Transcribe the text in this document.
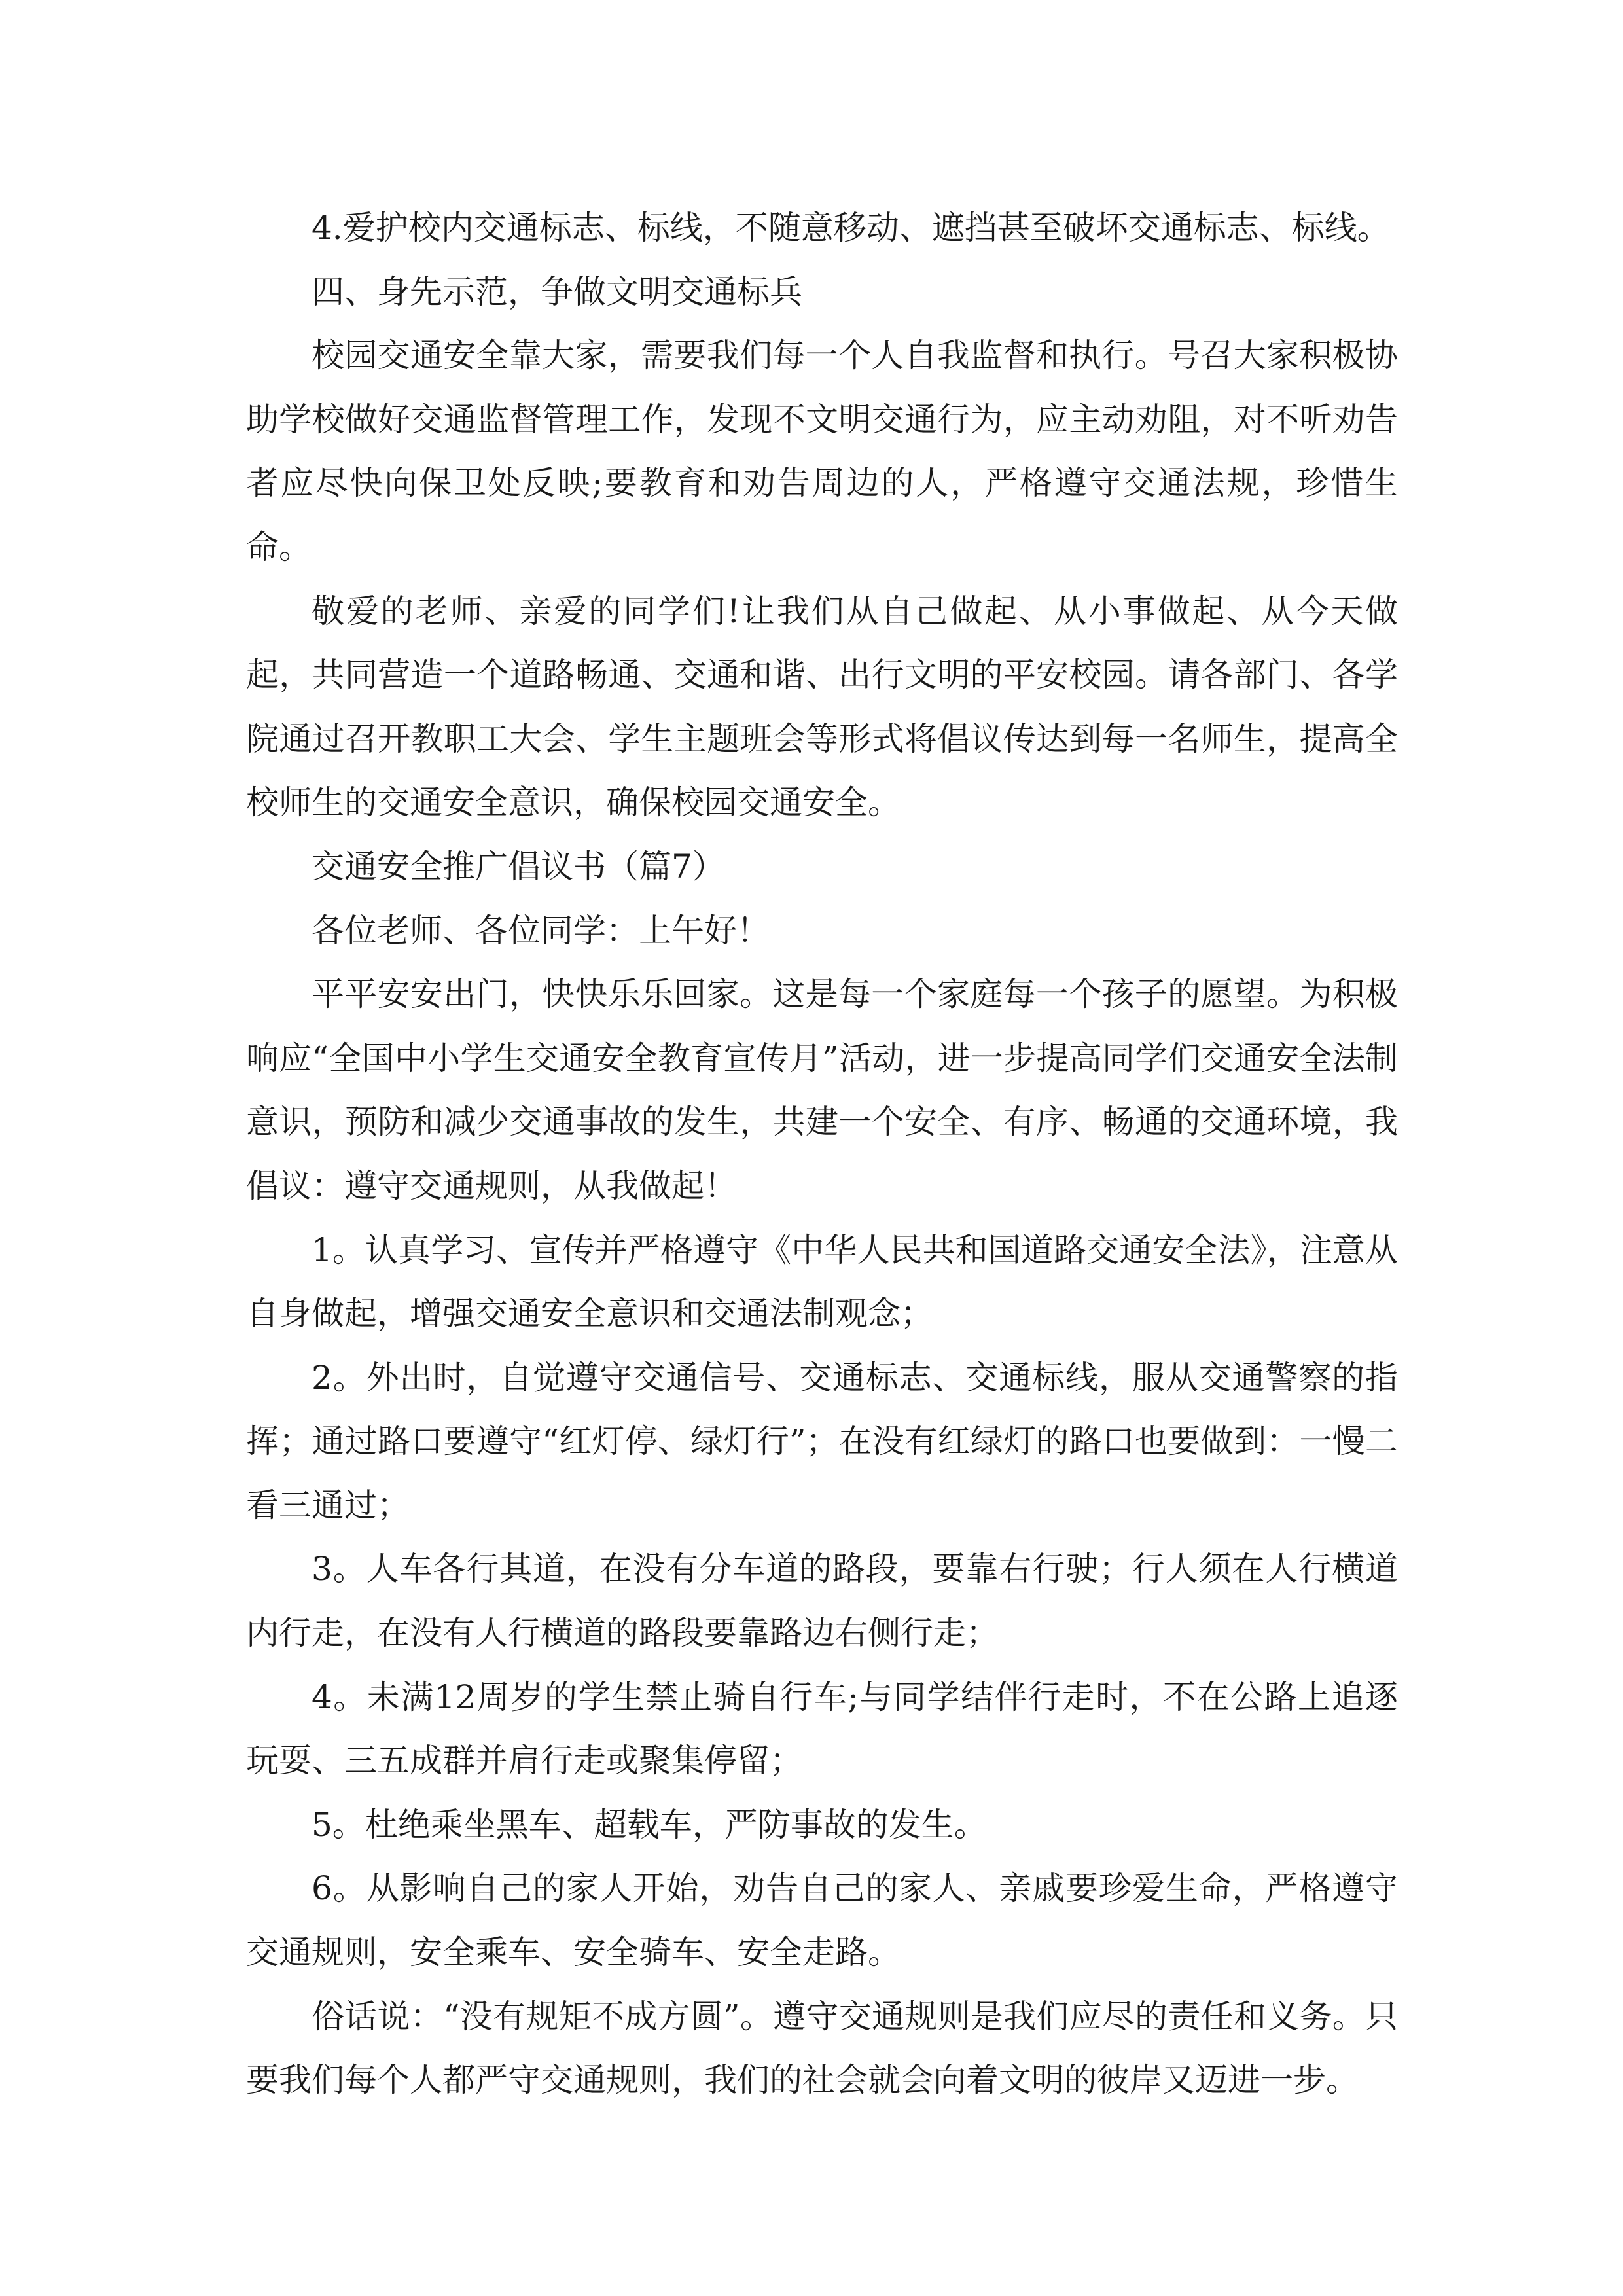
4.爱护校内交通标志、标线，不随意移动、遮挡甚至破坏交通标志、标线。

四、身先示范，争做文明交通标兵

校园交通安全靠大家，需要我们每一个人自我监督和执行。号召大家积极协助学校做好交通监督管理工作，发现不文明交通行为，应主动劝阻，对不听劝告者应尽快向保卫处反映;要教育和劝告周边的人，严格遵守交通法规，珍惜生命。

敬爱的老师、亲爱的同学们!让我们从自己做起、从小事做起、从今天做起，共同营造一个道路畅通、交通和谐、出行文明的平安校园。请各部门、各学院通过召开教职工大会、学生主题班会等形式将倡议传达到每一名师生，提高全校师生的交通安全意识，确保校园交通安全。

交通安全推广倡议书（篇7）

各位老师、各位同学：上午好！

平平安安出门，快快乐乐回家。这是每一个家庭每一个孩子的愿望。为积极响应“全国中小学生交通安全教育宣传月”活动，进一步提高同学们交通安全法制意识，预防和减少交通事故的发生，共建一个安全、有序、畅通的交通环境，我倡议：遵守交通规则，从我做起！

1。认真学习、宣传并严格遵守《中华人民共和国道路交通安全法》，注意从自身做起，增强交通安全意识和交通法制观念；

2。外出时，自觉遵守交通信号、交通标志、交通标线，服从交通警察的指挥；通过路口要遵守“红灯停、绿灯行”；在没有红绿灯的路口也要做到：一慢二看三通过；

3。人车各行其道，在没有分车道的路段，要靠右行驶；行人须在人行横道内行走，在没有人行横道的路段要靠路边右侧行走；

4。未满12周岁的学生禁止骑自行车;与同学结伴行走时，不在公路上追逐玩耍、三五成群并肩行走或聚集停留；

5。杜绝乘坐黑车、超载车，严防事故的发生。

6。从影响自己的家人开始，劝告自己的家人、亲戚要珍爱生命，严格遵守交通规则，安全乘车、安全骑车、安全走路。

俗话说：“没有规矩不成方圆”。遵守交通规则是我们应尽的责任和义务。只要我们每个人都严守交通规则，我们的社会就会向着文明的彼岸又迈进一步。
